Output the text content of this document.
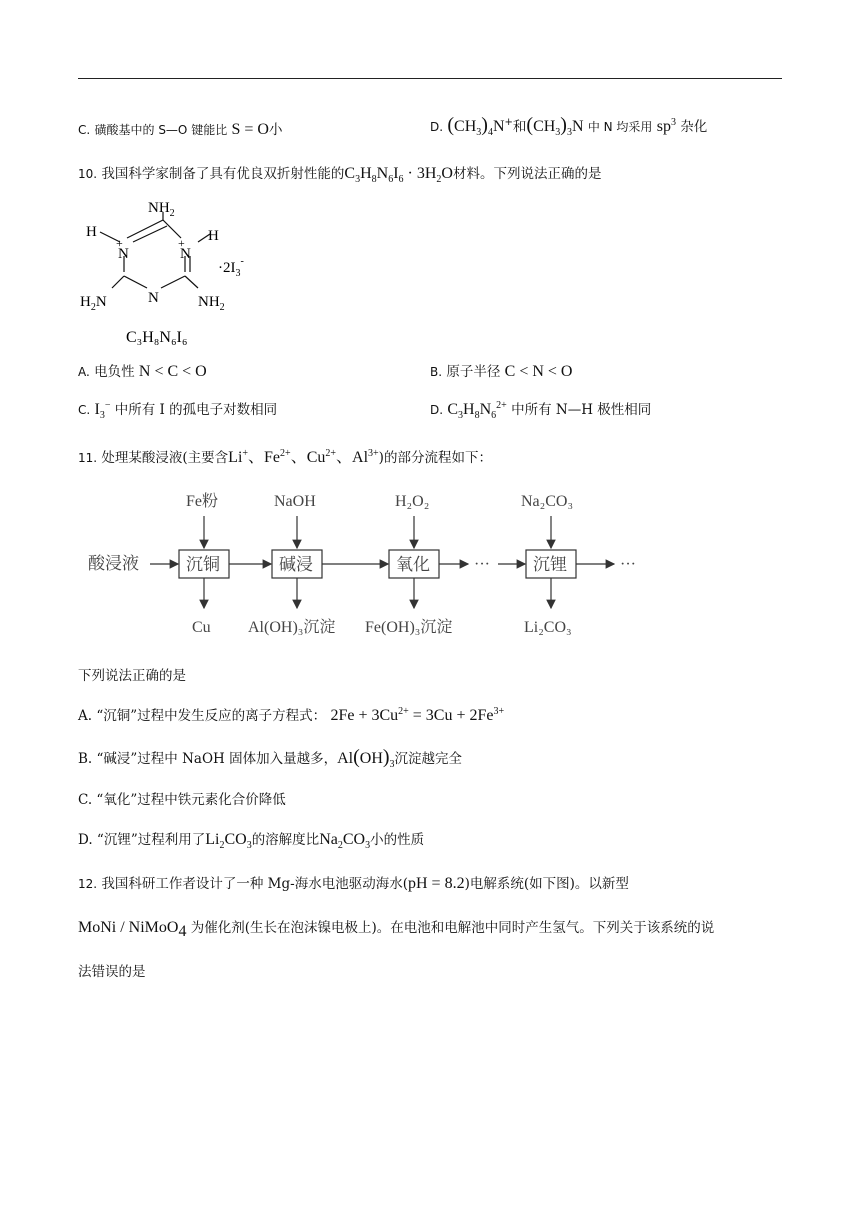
C. 磺酸基中的 S—O 键能比 S = O小	D. $(CH_3)_4N^+$和$(CH_3)_3N$ 中 N 均采用 $sp^3$ 杂化
10. 我国科学家制备了具有优良双折射性能的$C_3H_8N_6I_6 \cdot 3H_2O$材料。下列说法正确的是
$NH_2$
H
+
N
+
N
H
N
$H_2N$	$NH_2$
$\cdot 2I_3^-$
C₃H₈N₆I₆
A. 电负性 N < C < O	B. 原子半径 C < N < O
C. $I_3^-$ 中所有 I 的孤电子对数相同	D. $C_3H_8N_6^{2+}$ 中所有 N—H 极性相同
11. 处理某酸浸液(主要含Li+、$Fe^{2+}$、$Cu^{2+}$、$Al^{3+}$)的部分流程如下：
酸浸液	沉铜	碱浸	氧化	沉锂
···	···
Fe粉	NaOH	H₂O₂	Na₂CO₃
Cu Al(OH)₃沉淀 Fe(OH)₃沉淀	Li₂CO₃
下列说法正确的是
A. “沉铜”过程中发生反应的离子方程式： $2Fe + 3Cu^{2+} = 3Cu + 2Fe^{3+}$
B. “碱浸”过程中 NaOH 固体加入量越多，$Al(OH)_3$沉淀越完全
C. “氧化”过程中铁元素化合价降低
D. “沉锂”过程利用了$Li_2CO_3$的溶解度比$Na_2CO_3$小的性质
12. 我国科研工作者设计了一种 Mg-海水电池驱动海水(pH = 8.2)电解系统(如下图)。以新型
MoNi / NiMoO$_4$ 为催化剂(生长在泡沫镍电极上)。在电池和电解池中同时产生氢气。下列关于该系统的说
法错误的是
